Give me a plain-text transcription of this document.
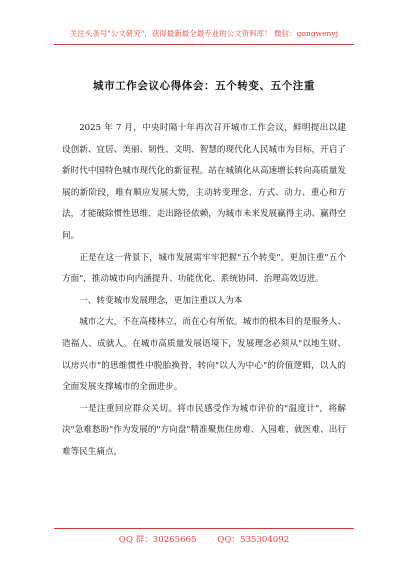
关注头条号"公文研究"，获得最新最全最专业的公文资料库！ 微信：gongwenyj
城市工作会议心得体会：五个转变、五个注重

2025 年 7 月，中央时隔十年再次召开城市工作会议，鲜明提出以建设创新、宜居、美丽、韧性、文明、智慧的现代化人民城市为目标，开启了新时代中国特色城市现代化的新征程。站在城镇化从高速增长转向高质量发展的新阶段，唯有顺应发展大势，主动转变理念、方式、动力、重心和方法，才能破除惯性思维、走出路径依赖，为城市未来发展赢得主动、赢得空间。

正是在这一背景下，城市发展需牢牢把握"五个转变"，更加注重"五个方面"，推动城市向内涵提升、功能优化、系统协同、治理高效迈进。

一、转变城市发展理念，更加注重以人为本

城市之大，不在高楼林立，而在心有所依。城市的根本目的是服务人、造福人、成就人。在城市高质量发展语境下，发展理念必须从"以地生财、以房兴市"的思维惯性中脱胎换骨，转向"以人为中心"的价值逻辑，以人的全面发展支撑城市的全面进步。

一是注重回应群众关切。将市民感受作为城市评价的"温度计"，将解决"急难愁盼"作为发展的"方向盘"精准聚焦住房难、入园难、就医难、出行难等民生痛点，

QQ 群：30265665 QQ：535304092
